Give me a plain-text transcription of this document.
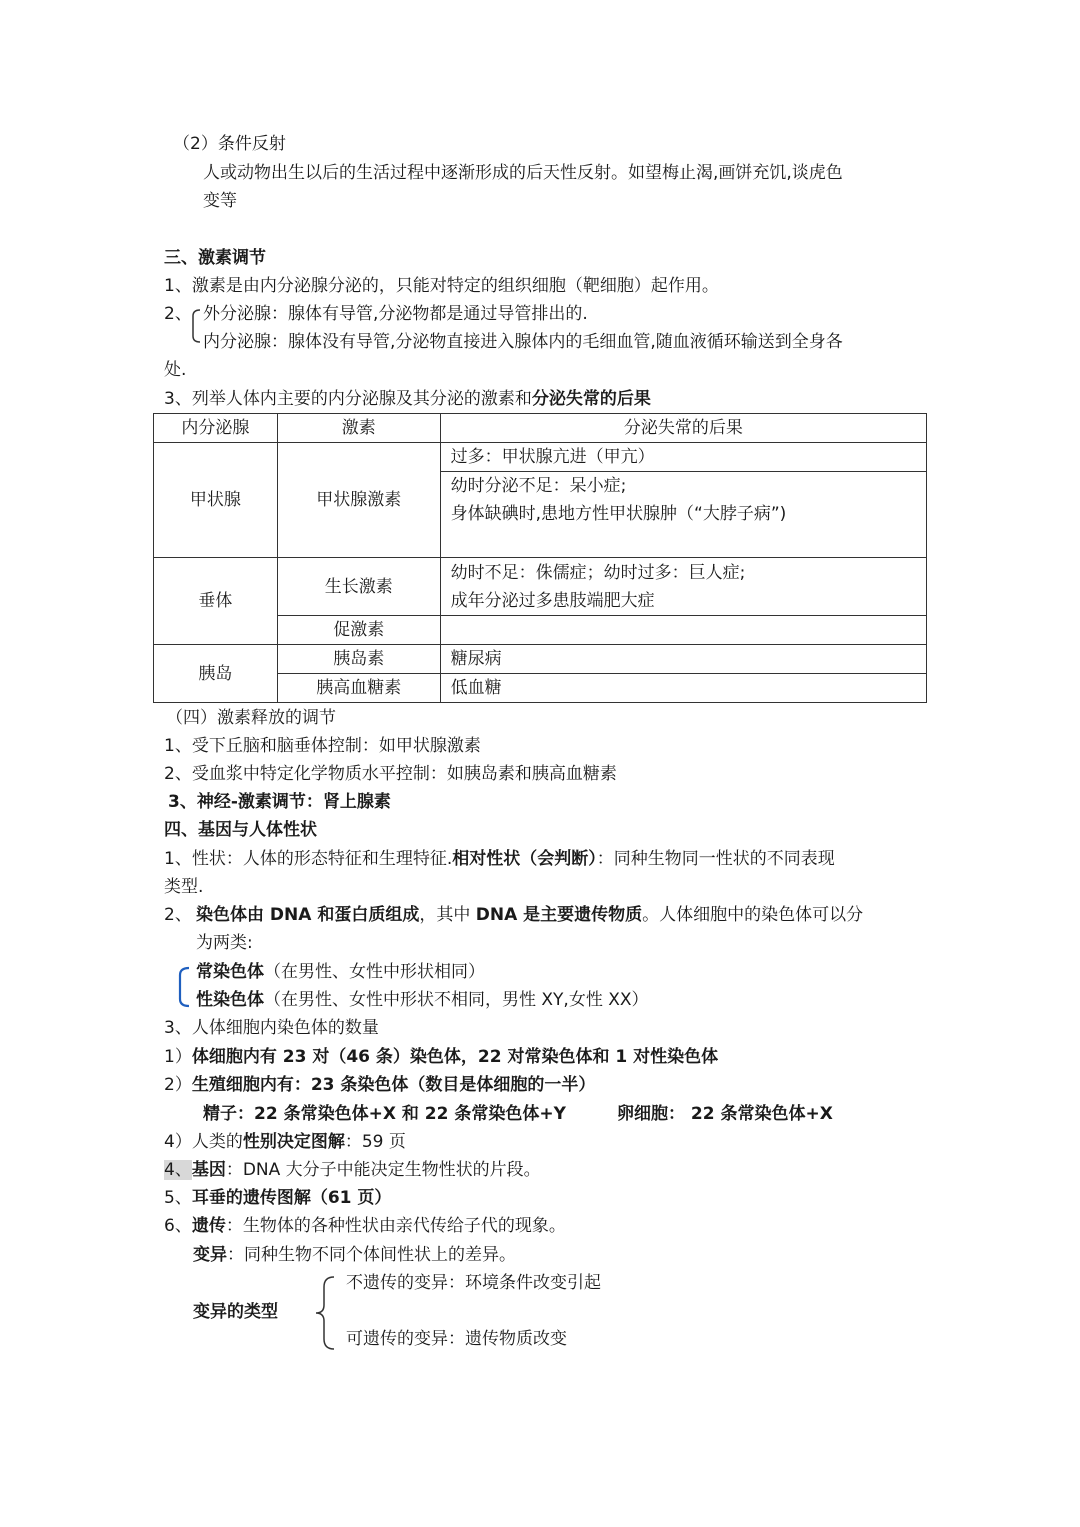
（2）条件反射
人或动物出生以后的生活过程中逐渐形成的后天性反射。如望梅止渴,画饼充饥,谈虎色
变等
三、激素调节
1、激素是由内分泌腺分泌的，只能对特定的组织细胞（靶细胞）起作用。
2、 外分泌腺：腺体有导管,分泌物都是通过导管排出的.
内分泌腺：腺体没有导管,分泌物直接进入腺体内的毛细血管,随血液循环输送到全身各
处.
3、列举人体内主要的内分泌腺及其分泌的激素和分泌失常的后果
内分泌腺	激素	分泌失常的后果
甲状腺	甲状腺激素	过多：甲状腺亢进（甲亢）

		幼时分泌不足：呆小症;
身体缺碘时,患地方性甲状腺肿（“大脖子病”)

垂体	生长激素	幼时不足：侏儒症；幼时过多：巨人症;
成年分泌过多患肢端肥大症

	促激素	
胰岛	胰岛素	糖尿病
	胰高血糖素	低血糖
（四）激素释放的调节
1、受下丘脑和脑垂体控制：如甲状腺激素
2、受血浆中特定化学物质水平控制：如胰岛素和胰高血糖素
3、神经-激素调节：肾上腺素
四、基因与人体性状
1、性状：人体的形态特征和生理特征.相对性状（会判断）：同种生物同一性状的不同表现
类型.
2、 染色体由 DNA 和蛋白质组成，其中 DNA 是主要遗传物质。人体细胞中的染色体可以分
为两类:
常染色体（在男性、女性中形状相同）
性染色体（在男性、女性中形状不相同，男性 XY,女性 XX）
3、人体细胞内染色体的数量
1）体细胞内有 23 对（46 条）染色体，22 对常染色体和 1 对性染色体
2）生殖细胞内有：23 条染色体（数目是体细胞的一半）
精子：22 条常染色体+X 和 22 条常染色体+Y	卵细胞： 22 条常染色体+X
4）人类的性别决定图解：59 页
4、基因：DNA 大分子中能决定生物性状的片段。
5、耳垂的遗传图解（61 页）
6、遗传：生物体的各种性状由亲代传给子代的现象。
变异：同种生物不同个体间性状上的差异。
不遗传的变异：环境条件改变引起
变异的类型
可遗传的变异：遗传物质改变
